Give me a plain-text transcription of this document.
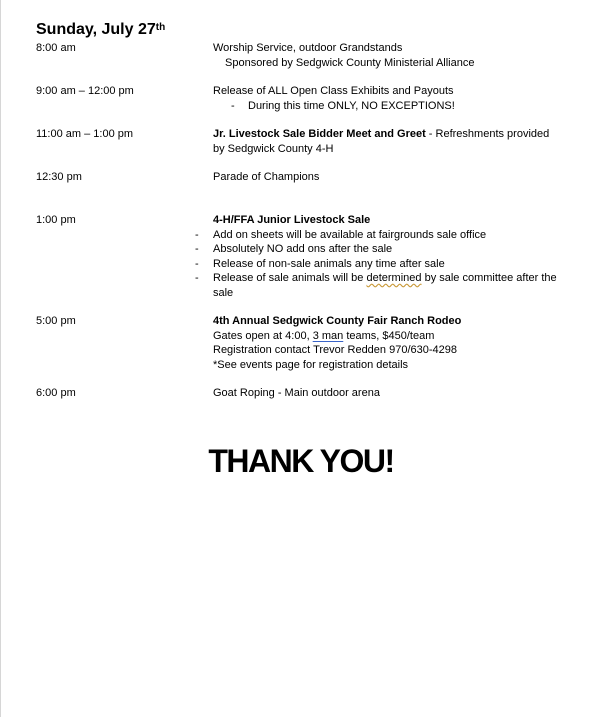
Sunday, July 27th
8:00 am	Worship Service, outdoor Grandstands
Sponsored by Sedgwick County Ministerial Alliance
9:00 am – 12:00 pm	Release of ALL Open Class Exhibits and Payouts
- During this time ONLY, NO EXCEPTIONS!
11:00 am – 1:00 pm	Jr. Livestock Sale Bidder Meet and Greet - Refreshments provided by Sedgwick County 4-H
12:30 pm	Parade of Champions
1:00 pm	4-H/FFA Junior Livestock Sale
- Add on sheets will be available at fairgrounds sale office
- Absolutely NO add ons after the sale
- Release of non-sale animals any time after sale
- Release of sale animals will be determined by sale committee after the sale
5:00 pm	4th Annual Sedgwick County Fair Ranch Rodeo
Gates open at 4:00, 3 man teams, $450/team
Registration contact Trevor Redden 970/630-4298
*See events page for registration details
6:00 pm	Goat Roping - Main outdoor arena
THANK YOU!
